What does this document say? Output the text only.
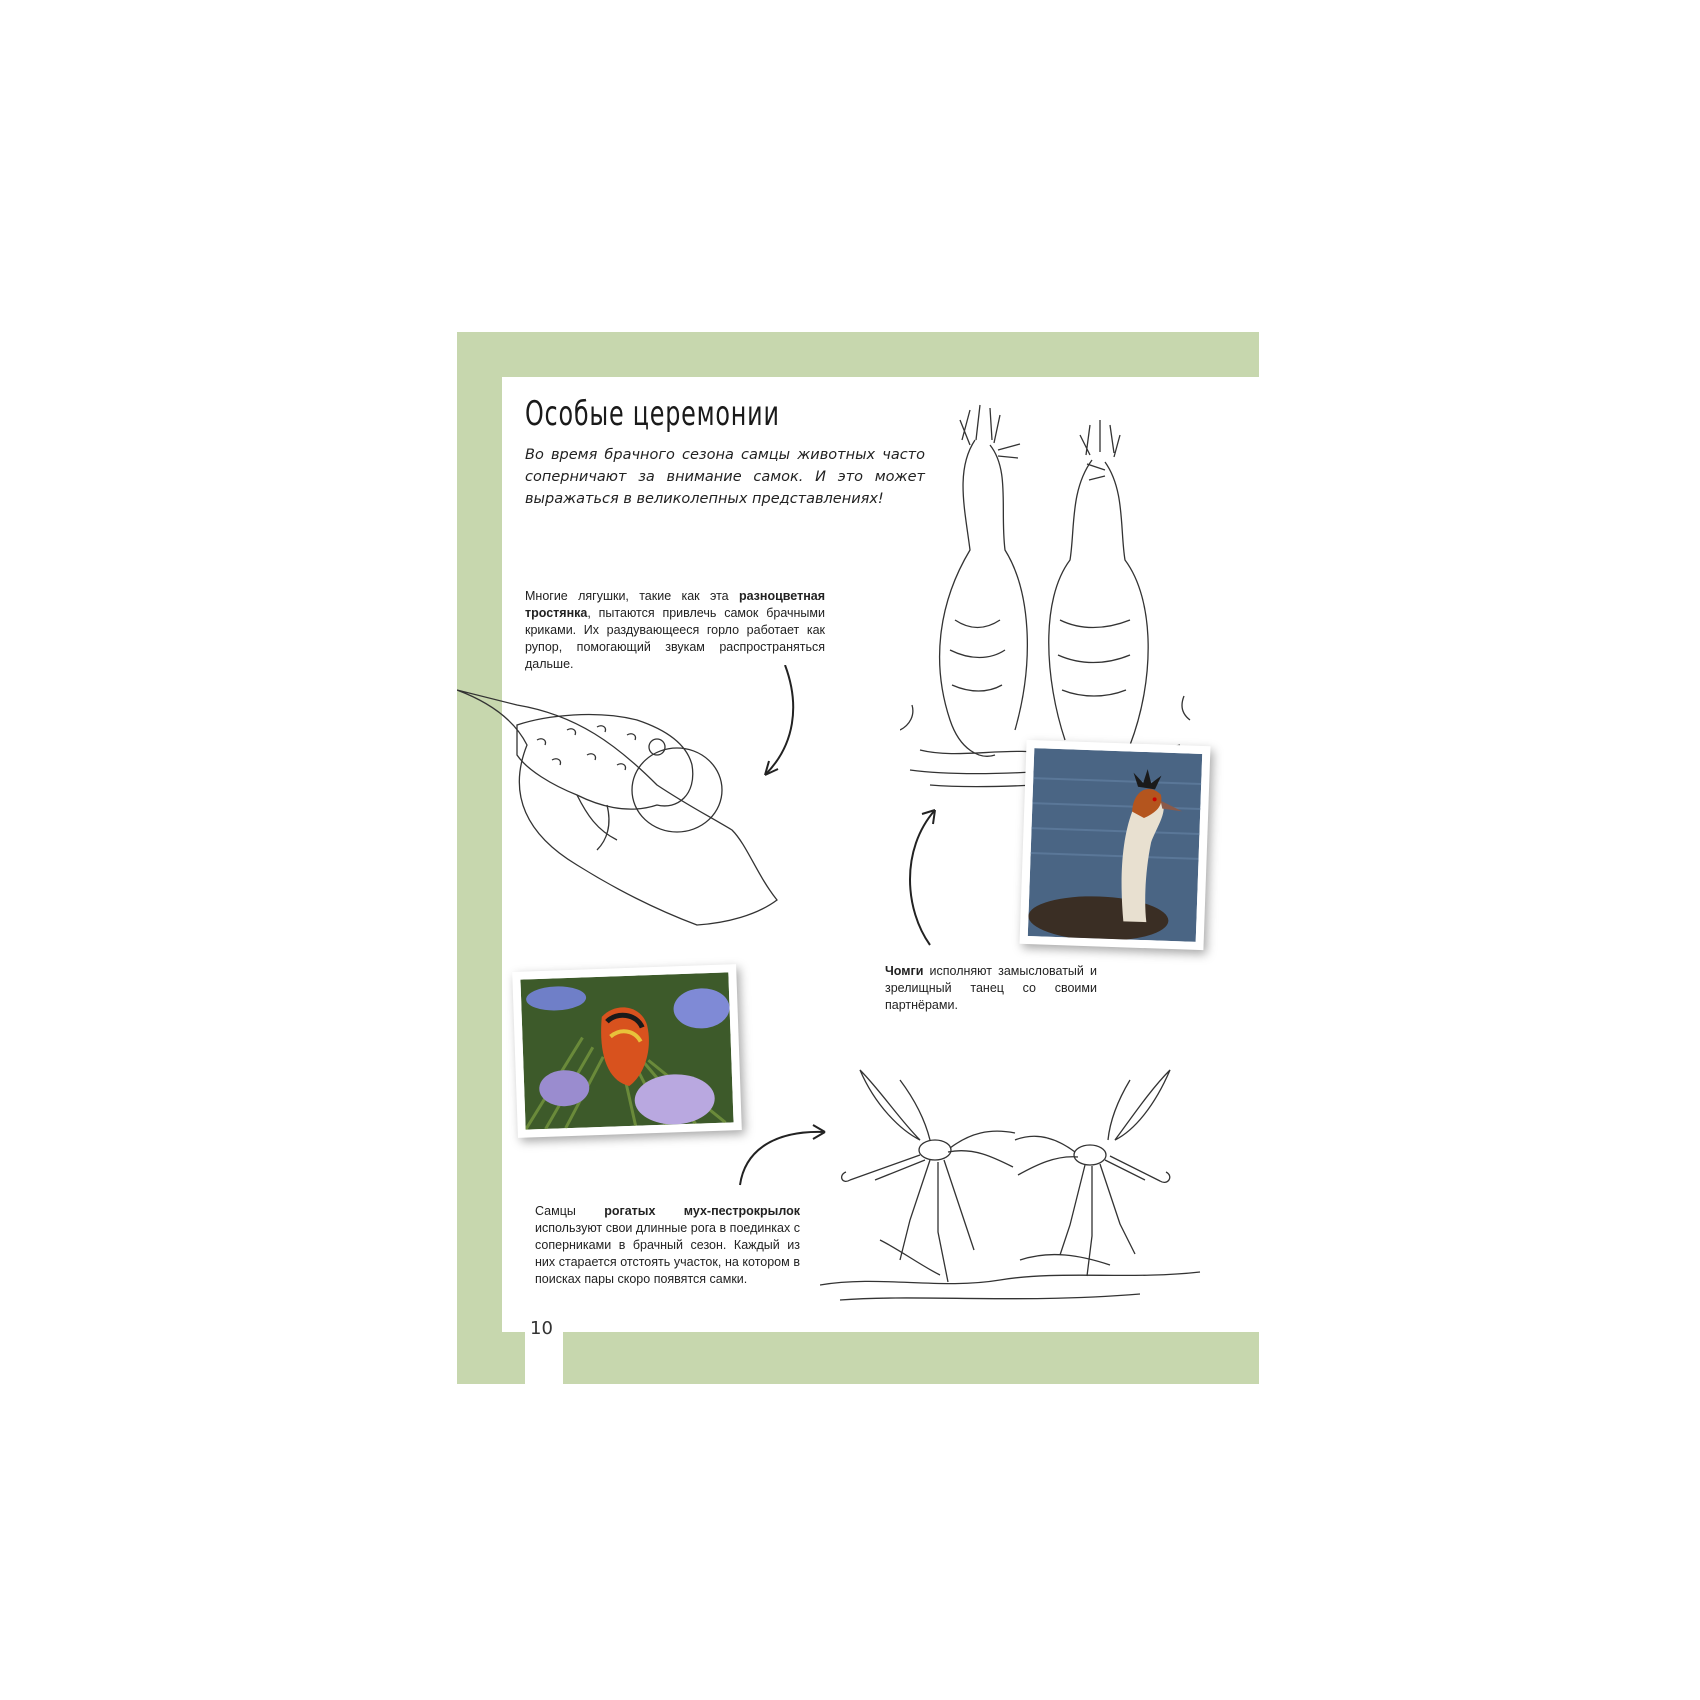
Особые церемонии

Во время брачного сезона самцы животных часто соперничают за внимание самок. И это может выражаться в великолепных представлениях!

Многие лягушки, такие как эта разноцветная тростянка, пытаются привлечь самок брачными криками. Их раздувающееся горло работает как рупор, помогающий звукам распространяться дальше.

Чомги исполняют замысловатый и зрелищный танец со своими партнёрами.

Самцы рогатых мух-пестрокрылок используют свои длинные рога в поединках с соперниками в брачный сезон. Каждый из них старается отстоять участок, на котором в поисках пары скоро появятся самки.

10
